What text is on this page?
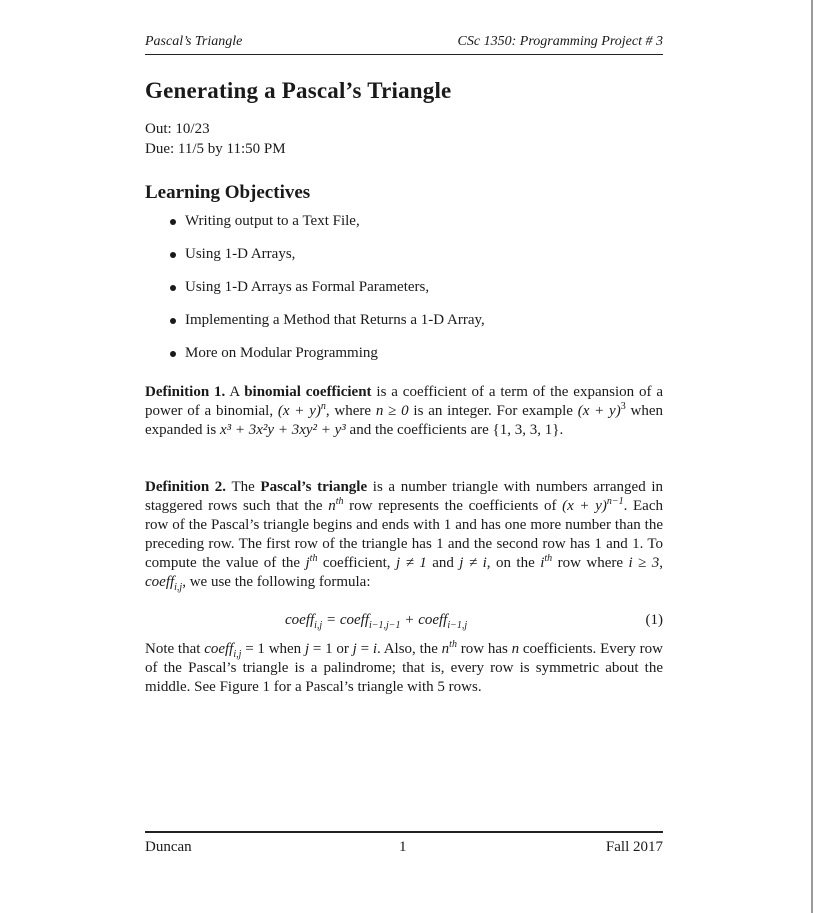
Pascal’s Triangle	CSc 1350: Programming Project # 3
Generating a Pascal’s Triangle
Out: 10/23
Due: 11/5 by 11:50 PM
Learning Objectives
Writing output to a Text File,
Using 1-D Arrays,
Using 1-D Arrays as Formal Parameters,
Implementing a Method that Returns a 1-D Array,
More on Modular Programming
Definition 1. A binomial coefficient is a coefficient of a term of the expansion of a power of a binomial, $(x + y)^n$, where n ≥ 0 is an integer. For example $(x + y)^3$ when expanded is x³ + 3x²y + 3xy² + y³ and the coefficients are {1, 3, 3, 1}.
Definition 2. The Pascal’s triangle is a number triangle with numbers arranged in staggered rows such that the $n^{th}$ row represents the coefficients of $(x + y)^{n-1}$. Each row of the Pascal’s triangle begins and ends with 1 and has one more number than the preceding row. The first row of the triangle has 1 and the second row has 1 and 1. To compute the value of the $j^{th}$ coefficient, j ≠ 1 and j ≠ i, on the $i^{th}$ row where i ≥ 3, coeff$_{i,j}$, we use the following formula:
coeff$_{i,j}$ = coeff$_{i-1,j-1}$ + coeff$_{i-1,j}$	(1)
Note that coeff$_{i,j}$ = 1 when j = 1 or j = i. Also, the $n^{th}$ row has n coefficients. Every row of the Pascal’s triangle is a palindrome; that is, every row is symmetric about the middle. See Figure 1 for a Pascal’s triangle with 5 rows.
Duncan	1	Fall 2017
